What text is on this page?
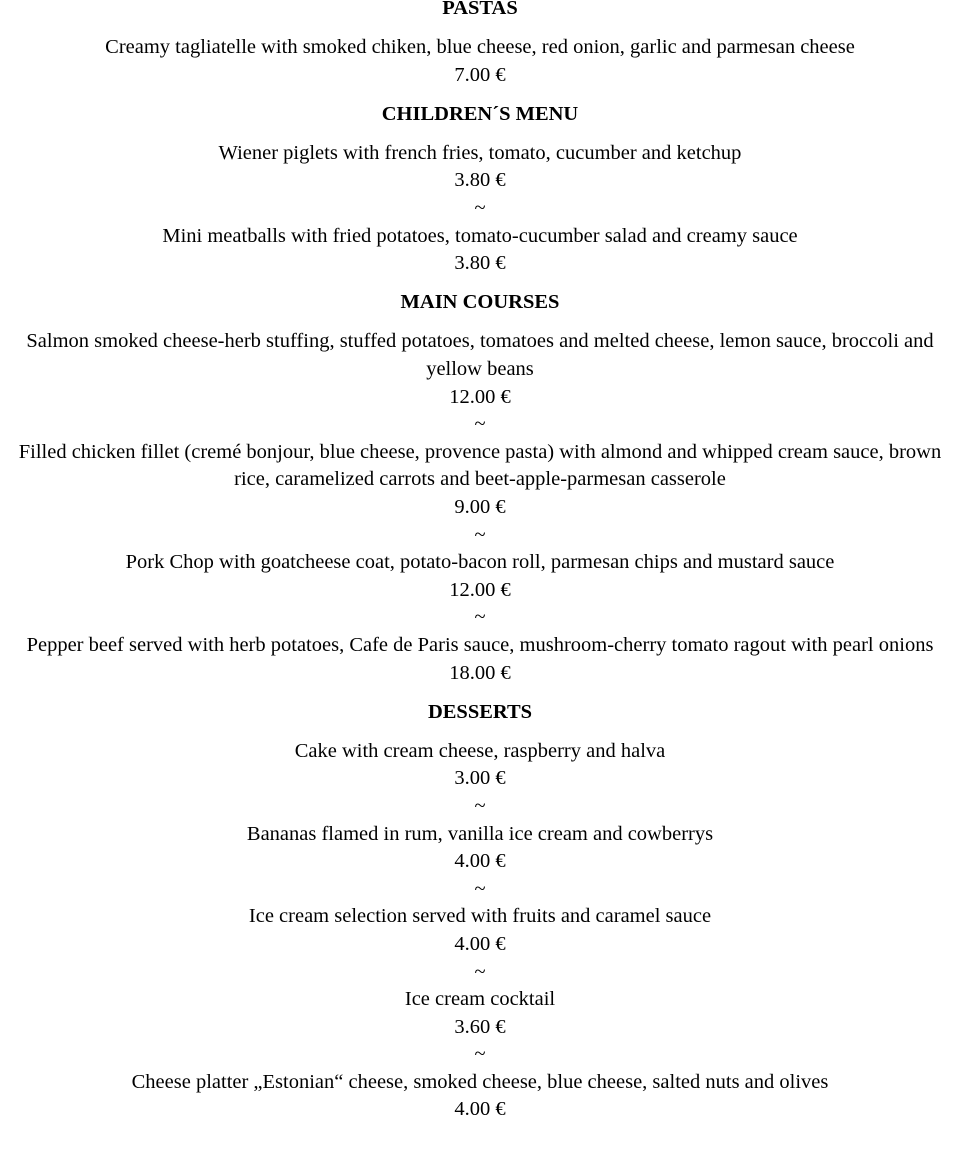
PASTAS
Creamy tagliatelle with smoked chiken, blue cheese, red onion, garlic and parmesan cheese
7.00 €
CHILDREN´S MENU
Wiener piglets with french fries, tomato, cucumber and ketchup
3.80 €
~
Mini meatballs with fried potatoes, tomato-cucumber salad and creamy sauce
3.80 €
MAIN COURSES
Salmon smoked cheese-herb stuffing, stuffed potatoes, tomatoes and melted cheese, lemon sauce, broccoli and yellow beans
12.00 €
~
Filled chicken fillet (cremé bonjour, blue cheese, provence pasta) with almond and whipped cream sauce, brown rice, caramelized carrots and beet-apple-parmesan casserole
9.00 €
~
Pork Chop with goatcheese coat, potato-bacon roll, parmesan chips and mustard sauce
12.00 €
~
Pepper beef served with herb potatoes, Cafe de Paris sauce, mushroom-cherry tomato ragout with pearl onions
18.00 €
DESSERTS
Cake with cream cheese, raspberry and halva
3.00 €
~
Bananas flamed in rum, vanilla ice cream and cowberrys
4.00 €
~
Ice cream selection served with fruits and caramel sauce
4.00 €
~
Ice cream cocktail
3.60 €
~
Cheese platter „Estonian“ cheese, smoked cheese, blue cheese, salted nuts and olives
4.00 €
